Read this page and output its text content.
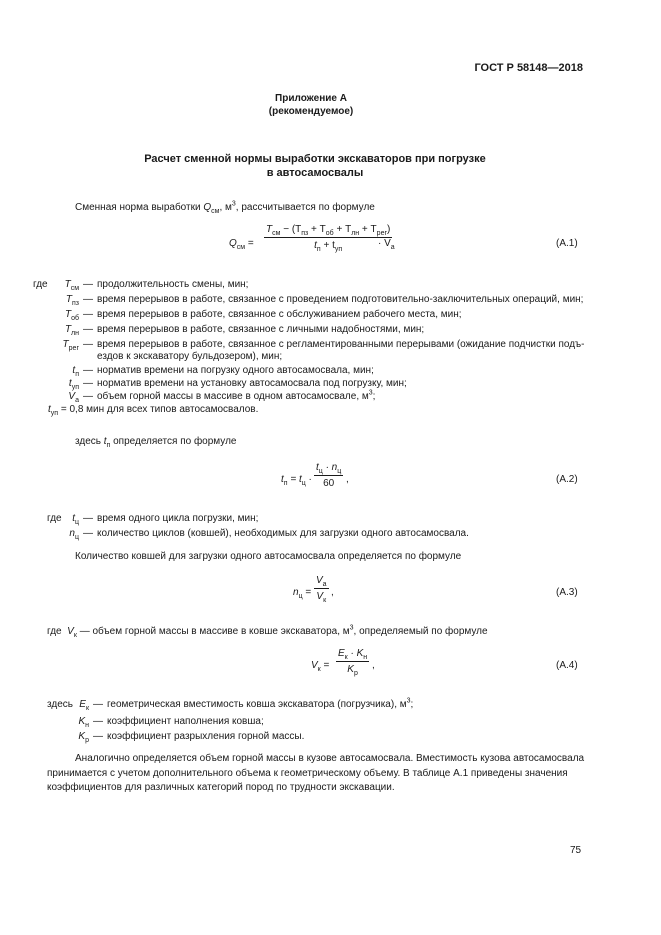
ГОСТ Р 58148—2018
Приложение А
(рекомендуемое)
Расчет сменной нормы выработки экскаваторов при погрузке
в автосамосвалы
Сменная норма выработки $Q_{см}$, $м^3$, рассчитывается по формуле
$Q_{см}$ =
$T_{см} - (T_{пз} + T_{об} + T_{лн} + T_{рег})$
$t_п + t_{уп}$
· $V_а$	(А.1)
где $T_{см}$ — продолжительность смены, мин;
$T_{пз}$ — время перерывов в работе, связанное с проведением подготовительно-заключительных операций, мин;
$T_{об}$ — время перерывов в работе, связанное с обслуживанием рабочего места, мин;
$T_{лн}$ — время перерывов в работе, связанное с личными надобностями, мин;
$T_{рег}$ — время перерывов в работе, связанное с регламентированными перерывами (ожидание подчистки подъ-
ездов к экскаватору бульдозером), мин;
$t_п$ — норматив времени на погрузку одного автосамосвала, мин;
$t_{уп}$ — норматив времени на установку автосамосвала под погрузку, мин;
$V_а$ — объем горной массы в массиве в одном автосамосвале, $м^3$;
$t_{уп} = 0,8$ мин для всех типов автосамосвалов.
здесь $t_п$ определяется по формуле
$t_п = t_ц$ ·
$t_ц \cdot n_ц$
60 ,	(А.2)
где $t_ц$ — время одного цикла погрузки, мин;
$n_ц$ — количество циклов (ковшей), необходимых для загрузки одного автосамосвала.
Количество ковшей для загрузки одного автосамосвала определяется по формуле
$n_ц$ =
$V_а$
$V_к$
,	(А.3)
где $V_к$ — объем горной массы в массиве в ковше экскаватора, $м^3$, определяемый по формуле
$V_к$ =
$E_к \cdot K_н$
$K_р$
,	(А.4)
здесь $E_к$ — геометрическая вместимость ковша экскаватора (погрузчика), $м^3$;
$K_н$ — коэффициент наполнения ковша;
$K_р$ — коэффициент разрыхления горной массы.
Аналогично определяется объем горной массы в кузове автосамосвала. Вместимость кузова автосамосвала
принимается с учетом дополнительного объема к геометрическому объему. В таблице А.1 приведены значения
коэффициентов для различных категорий пород по трудности экскавации.
75
